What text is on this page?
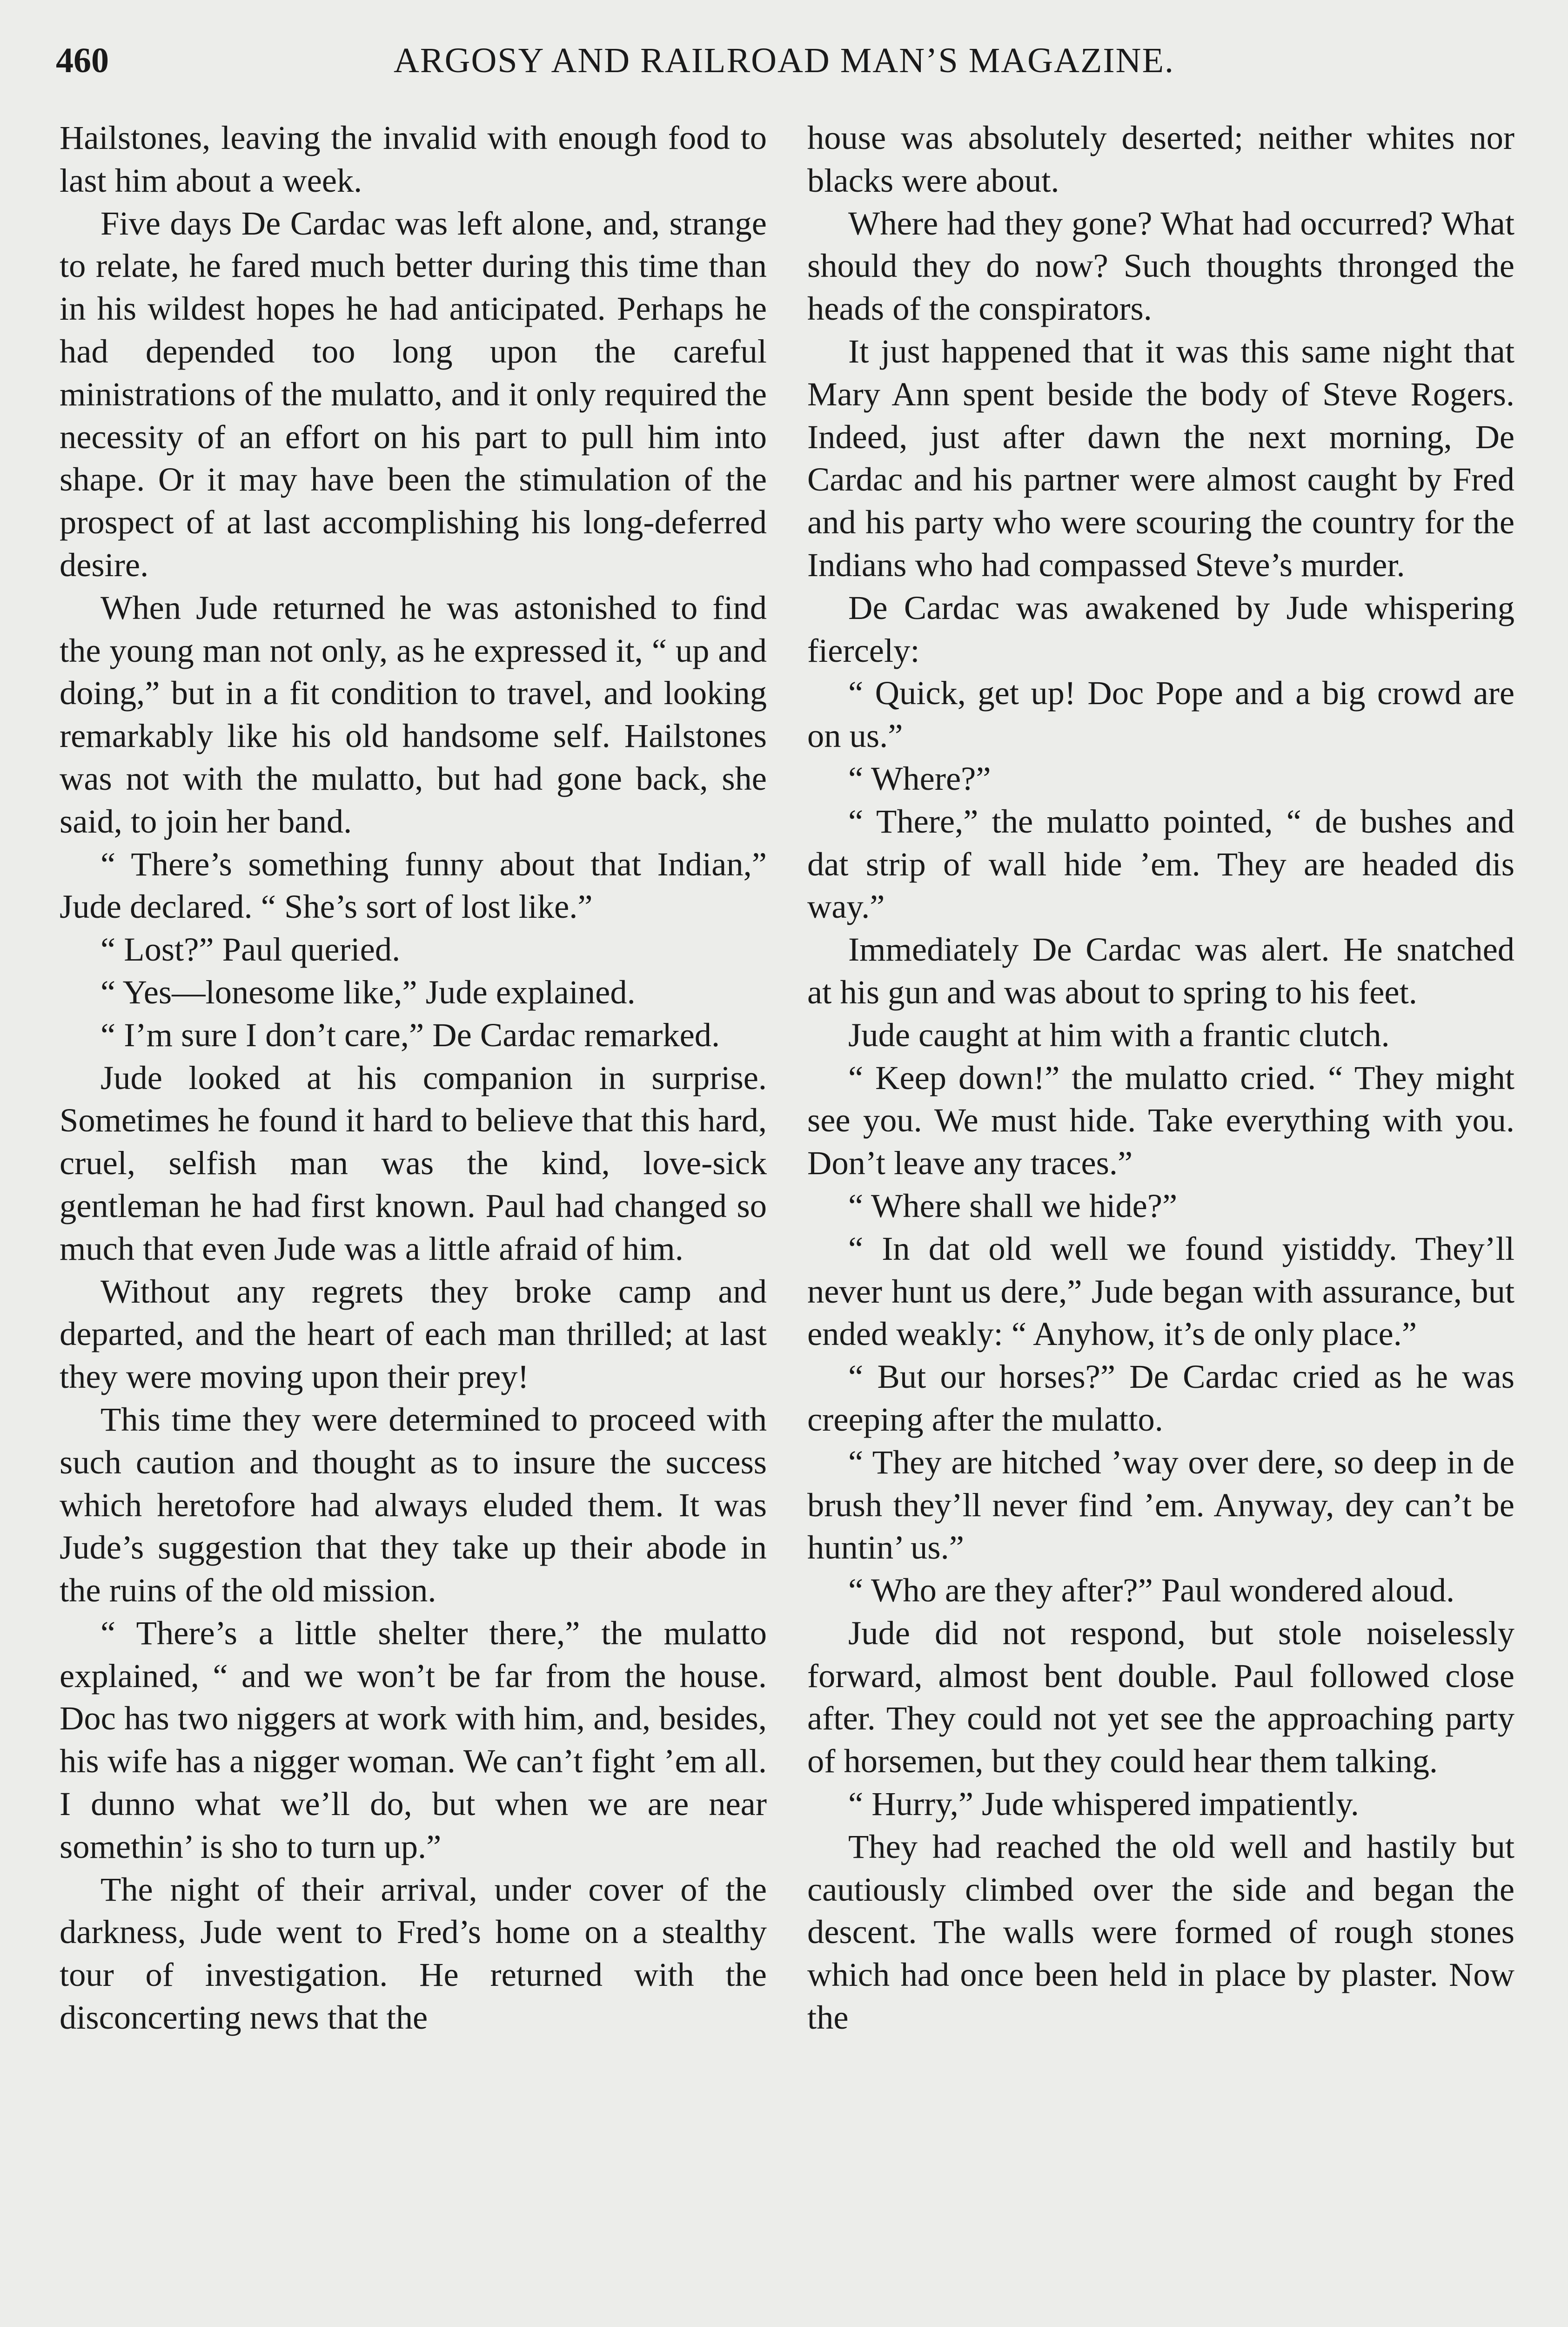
460	ARGOSY AND RAILROAD MAN’S MAGAZINE.

Hailstones, leaving the invalid with enough food to last him about a week.

Five days De Cardac was left alone, and, strange to relate, he fared much better during this time than in his wildest hopes he had anticipated. Perhaps he had depended too long upon the careful ministrations of the mulatto, and it only required the necessity of an effort on his part to pull him into shape. Or it may have been the stimulation of the prospect of at last accomplishing his long-deferred desire.

When Jude returned he was astonished to find the young man not only, as he expressed it, “ up and doing,” but in a fit condition to travel, and looking remarkably like his old handsome self. Hailstones was not with the mulatto, but had gone back, she said, to join her band.

“ There’s something funny about that Indian,” Jude declared. “ She’s sort of lost like.”

“ Lost?” Paul queried.

“ Yes—lonesome like,” Jude explained.

“ I’m sure I don’t care,” De Cardac remarked.

Jude looked at his companion in surprise. Sometimes he found it hard to believe that this hard, cruel, selfish man was the kind, love-sick gentleman he had first known. Paul had changed so much that even Jude was a little afraid of him.

Without any regrets they broke camp and departed, and the heart of each man thrilled; at last they were moving upon their prey!

This time they were determined to proceed with such caution and thought as to insure the success which heretofore had always eluded them. It was Jude’s suggestion that they take up their abode in the ruins of the old mission.

“ There’s a little shelter there,” the mulatto explained, “ and we won’t be far from the house. Doc has two niggers at work with him, and, besides, his wife has a nigger woman. We can’t fight ’em all. I dunno what we’ll do, but when we are near somethin’ is sho to turn up.”

The night of their arrival, under cover of the darkness, Jude went to Fred’s home on a stealthy tour of investigation. He returned with the disconcerting news that the

house was absolutely deserted; neither whites nor blacks were about.

Where had they gone? What had occurred? What should they do now? Such thoughts thronged the heads of the conspirators.

It just happened that it was this same night that Mary Ann spent beside the body of Steve Rogers. Indeed, just after dawn the next morning, De Cardac and his partner were almost caught by Fred and his party who were scouring the country for the Indians who had compassed Steve’s murder.

De Cardac was awakened by Jude whispering fiercely:

“ Quick, get up! Doc Pope and a big crowd are on us.”

“ Where?”

“ There,” the mulatto pointed, “ de bushes and dat strip of wall hide ’em. They are headed dis way.”

Immediately De Cardac was alert. He snatched at his gun and was about to spring to his feet.

Jude caught at him with a frantic clutch.

“ Keep down!” the mulatto cried. “ They might see you. We must hide. Take everything with you. Don’t leave any traces.”

“ Where shall we hide?”

“ In dat old well we found yistiddy. They’ll never hunt us dere,” Jude began with assurance, but ended weakly: “ Anyhow, it’s de only place.”

“ But our horses?” De Cardac cried as he was creeping after the mulatto.

“ They are hitched ’way over dere, so deep in de brush they’ll never find ’em. Anyway, dey can’t be huntin’ us.”

“ Who are they after?” Paul wondered aloud.

Jude did not respond, but stole noiselessly forward, almost bent double. Paul followed close after. They could not yet see the approaching party of horsemen, but they could hear them talking.

“ Hurry,” Jude whispered impatiently.

They had reached the old well and hastily but cautiously climbed over the side and began the descent. The walls were formed of rough stones which had once been held in place by plaster. Now the
